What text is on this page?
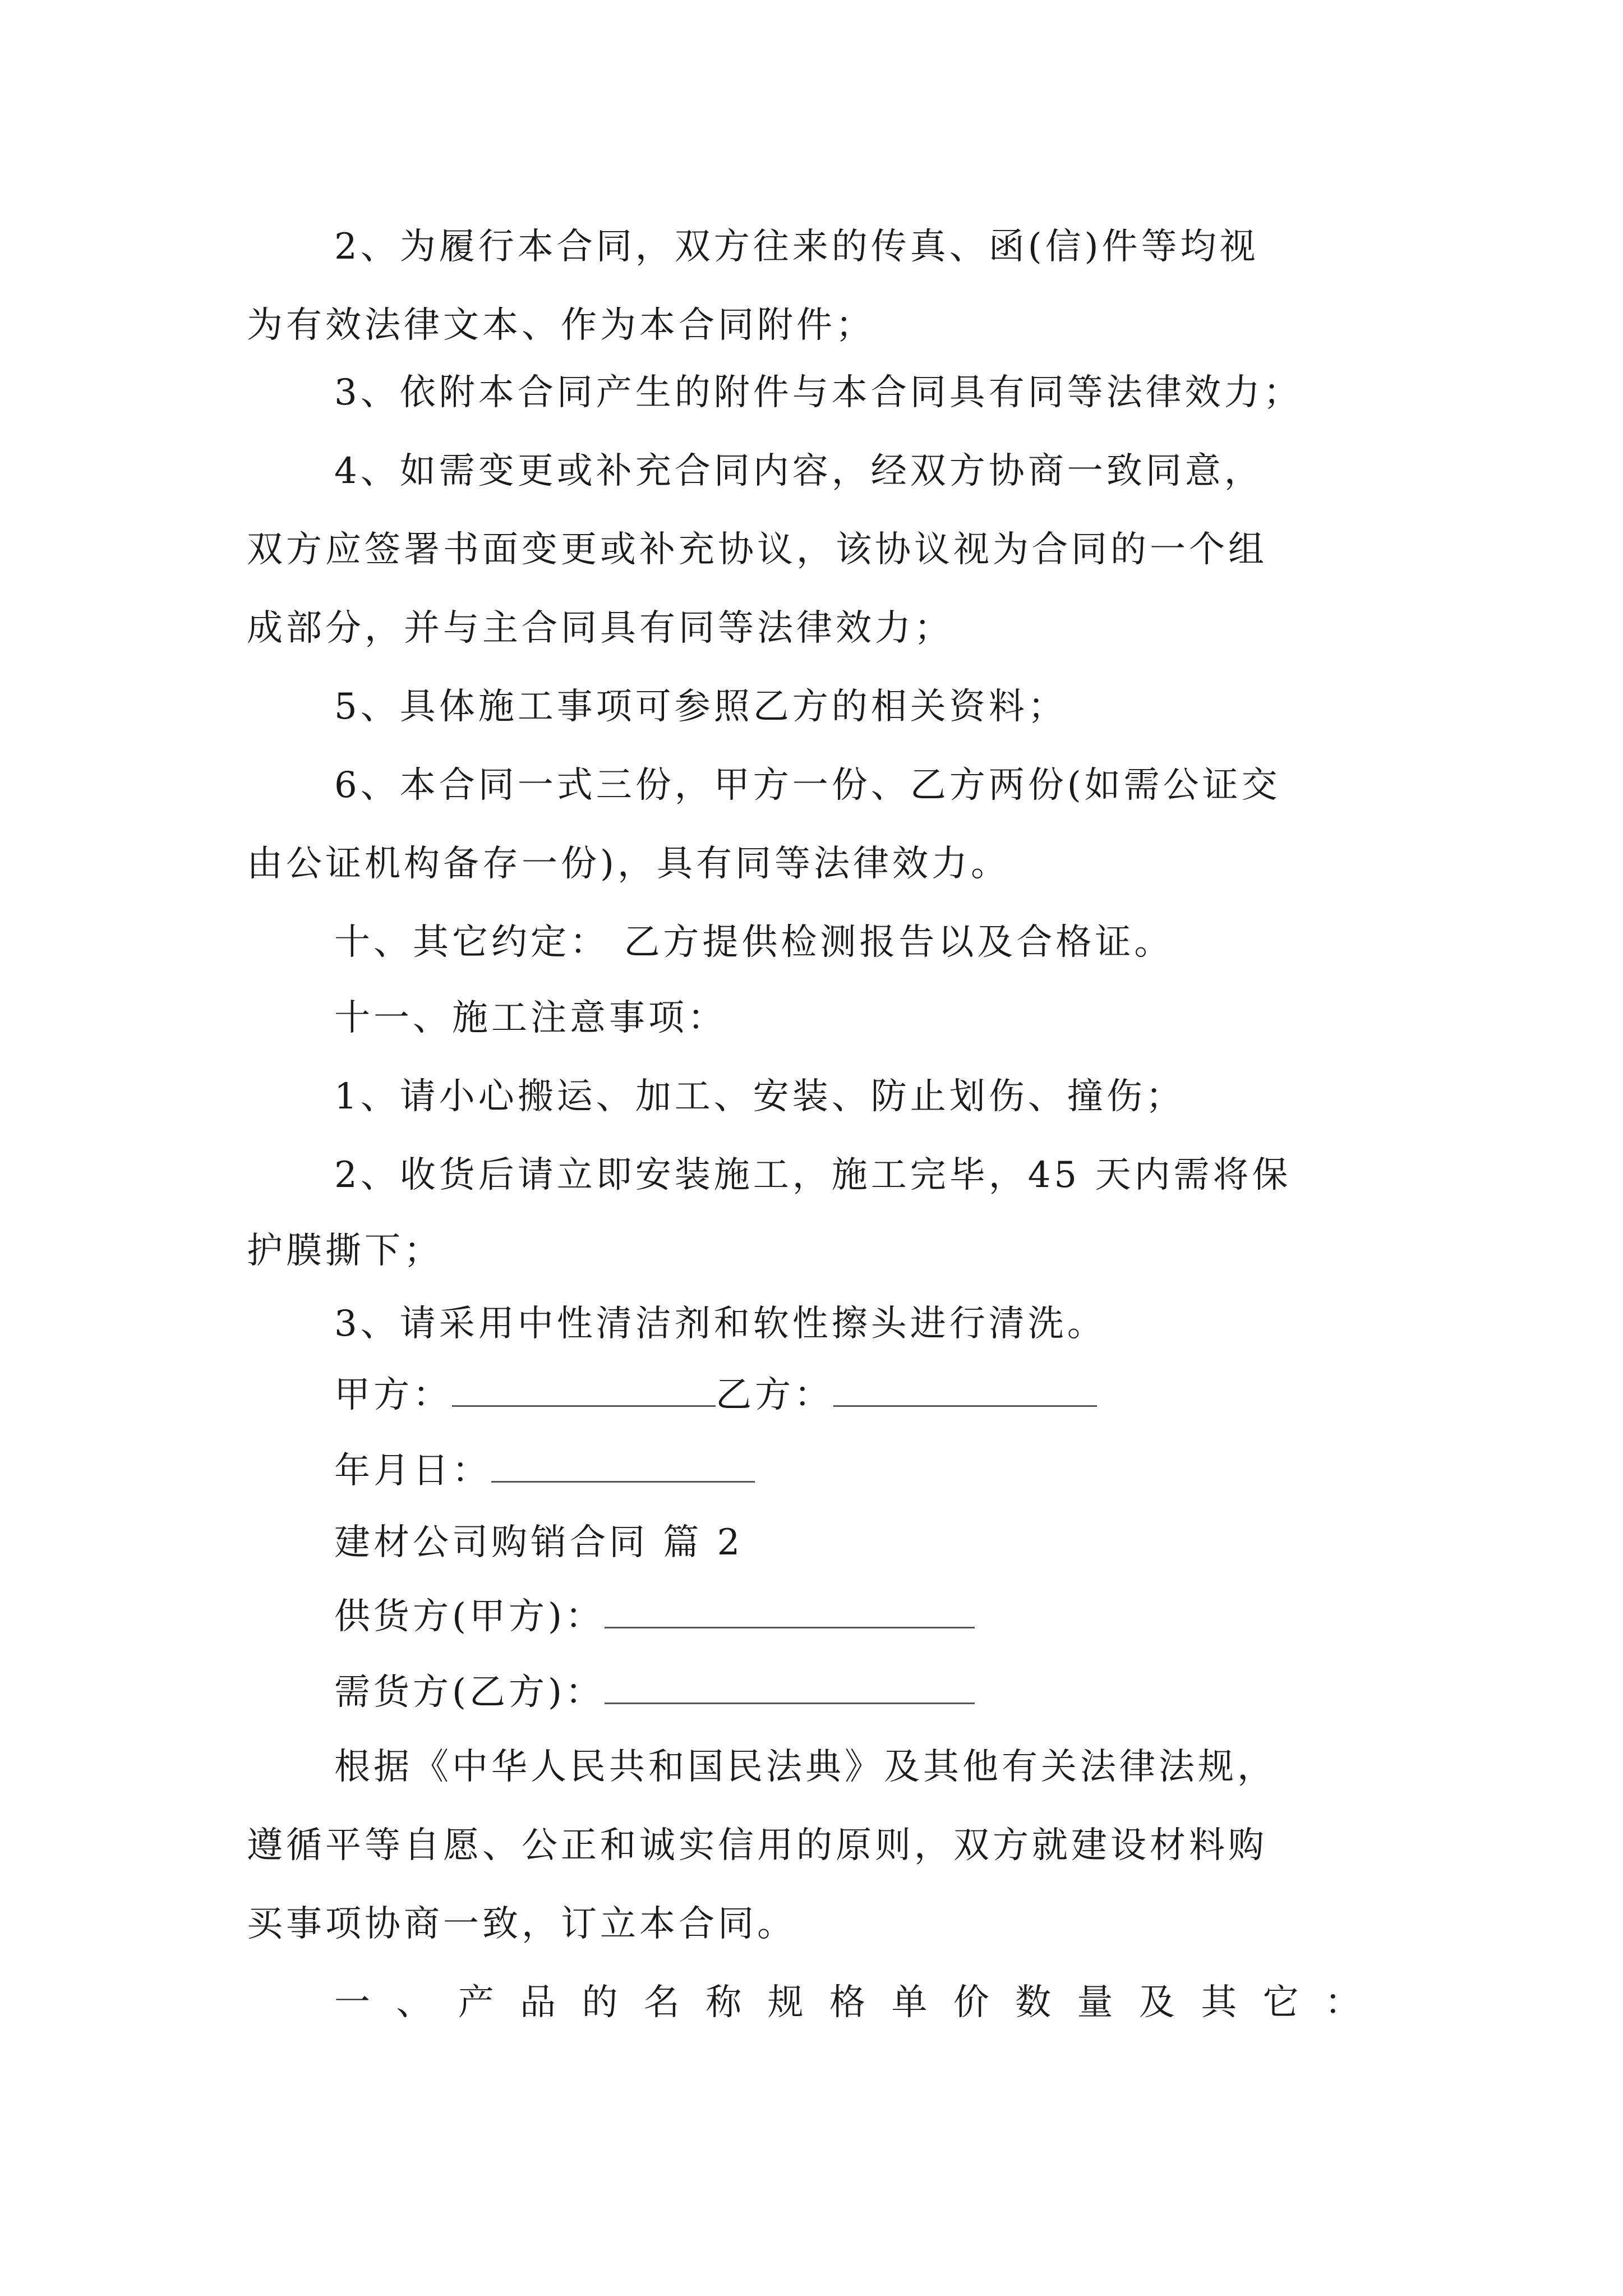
2、为履行本合同，双方往来的传真、函(信)件等均视
为有效法律文本、作为本合同附件；
3、依附本合同产生的附件与本合同具有同等法律效力；
4、如需变更或补充合同内容，经双方协商一致同意，
双方应签署书面变更或补充协议，该协议视为合同的一个组
成部分，并与主合同具有同等法律效力；
5、具体施工事项可参照乙方的相关资料；
6、本合同一式三份，甲方一份、乙方两份(如需公证交
由公证机构备存一份)，具有同等法律效力。
十、其它约定： 乙方提供检测报告以及合格证。
十一、施工注意事项：
1、请小心搬运、加工、安装、防止划伤、撞伤；
2、收货后请立即安装施工，施工完毕，45 天内需将保
护膜撕下；
3、请采用中性清洁剂和软性擦头进行清洗。
甲方：	乙方：
年月日：
建材公司购销合同 篇 2
供货方(甲方)：
需货方(乙方)：
根据《中华人民共和国民法典》及其他有关法律法规，
遵循平等自愿、公正和诚实信用的原则，双方就建设材料购
买事项协商一致，订立本合同。
一 、 产 品 的 名 称 规 格 单 价 数 量 及 其 它 ：
